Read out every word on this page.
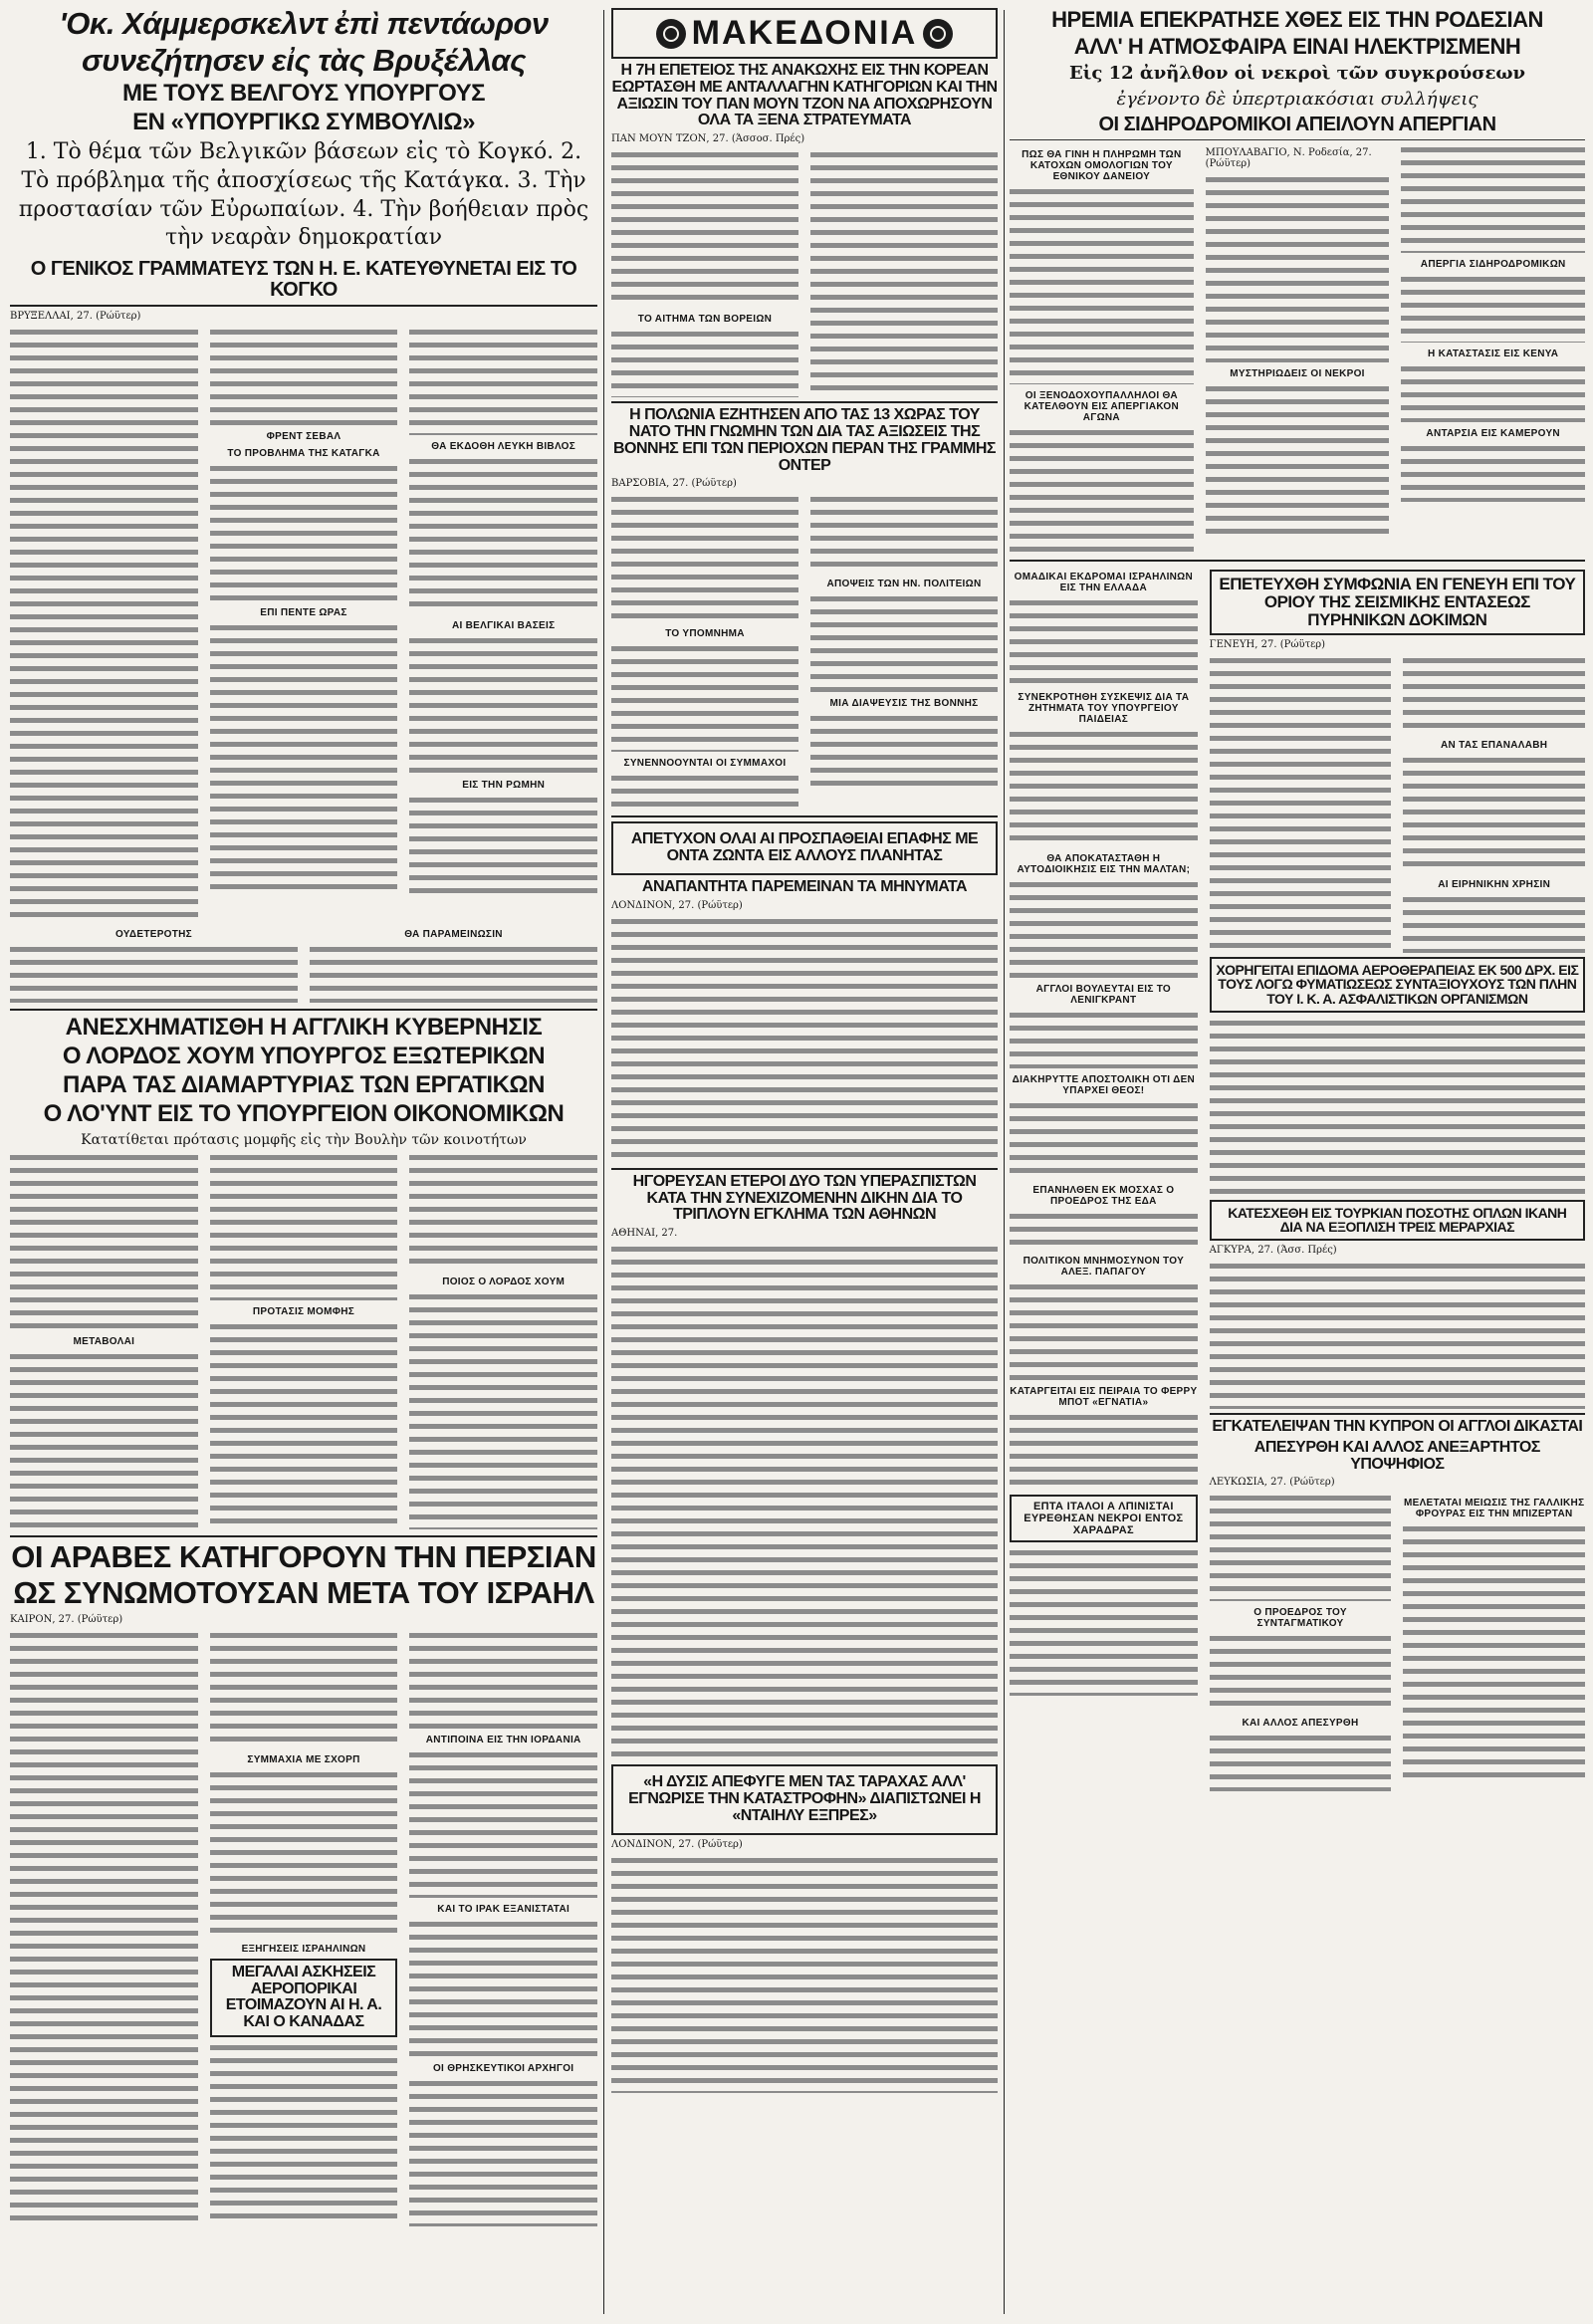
'Οκ. Χάμμερσκελντ ἐπὶ πεντάωρον
συνεζήτησεν εἰς τὰς Βρυξέλλας
ΜΕ ΤΟΥΣ ΒΕΛΓΟΥΣ ΥΠΟΥΡΓΟΥΣ
ΕΝ «ΥΠΟΥΡΓΙΚΩ ΣΥΜΒΟΥΛΙΩ»
1. Τὸ θέμα τῶν Βελγικῶν βάσεων εἰς τὸ Κογκό. 2. Τὸ πρόβλημα τῆς ἀποσχίσεως τῆς Κατάγκα. 3. Τὴν προστασίαν τῶν Εὐρωπαίων. 4. Τὴν βοήθειαν πρὸς τὴν νεαρὰν δημοκρατίαν
Ο ΓΕΝΙΚΟΣ ΓΡΑΜΜΑΤΕΥΣ ΤΩΝ Η. Ε. ΚΑΤΕΥΘΥΝΕΤΑΙ ΕΙΣ ΤΟ ΚΟΓΚΟ
ΒΡΥΞΕΛΛΑΙ, 27. (Ρώϋτερ)
ΦΡΕΝΤ ΣΕΒΑΛ
ΤΟ ΠΡΟΒΛΗΜΑ ΤΗΣ ΚΑΤΑΓΚΑ
ΕΠΙ ΠΕΝΤΕ ΩΡΑΣ
ΘΑ ΕΚΔΟΘΗ ΛΕΥΚΗ ΒΙΒΛΟΣ
ΑΙ ΒΕΛΓΙΚΑΙ ΒΑΣΕΙΣ
ΕΙΣ ΤΗΝ ΡΩΜΗΝ
ΟΥΔΕΤΕΡΟΤΗΣ	ΘΑ ΠΑΡΑΜΕΙΝΩΣΙΝ
ΑΝΕΣΧΗΜΑΤΙΣΘΗ Η ΑΓΓΛΙΚΗ ΚΥΒΕΡΝΗΣΙΣ
Ο ΛΟΡΔΟΣ ΧΟΥΜ ΥΠΟΥΡΓΟΣ ΕΞΩΤΕΡΙΚΩΝ
ΠΑΡΑ ΤΑΣ ΔΙΑΜΑΡΤΥΡΙΑΣ ΤΩΝ ΕΡΓΑΤΙΚΩΝ
Ο ΛΟ'ΥΝΤ ΕΙΣ ΤΟ ΥΠΟΥΡΓΕΙΟΝ ΟΙΚΟΝΟΜΙΚΩΝ
Κατατίθεται πρότασις μομφῆς εἰς τὴν Βουλὴν τῶν κοινοτήτων
ΜΕΤΑΒΟΛΑΙ
ΠΡΟΤΑΣΙΣ ΜΟΜΦΗΣ
ΠΟΙΟΣ Ο ΛΟΡΔΟΣ ΧΟΥΜ
ΟΙ ΑΡΑΒΕΣ ΚΑΤΗΓΟΡΟΥΝ ΤΗΝ ΠΕΡΣΙΑΝ
ΩΣ ΣΥΝΩΜΟΤΟΥΣΑΝ ΜΕΤΑ ΤΟΥ ΙΣΡΑΗΛ
ΚΑΙΡΟΝ, 27. (Ρώϋτερ)
ΣΥΜΜΑΧΙΑ ΜΕ ΣΧΟΡΠ
ΕΞΗΓΗΣΕΙΣ ΙΣΡΑΗΛΙΝΩΝ
ΜΕΓΑΛΑΙ ΑΣΚΗΣΕΙΣ ΑΕΡΟΠΟΡΙΚΑΙ ΕΤΟΙΜΑΖΟΥΝ ΑΙ Η. Α. ΚΑΙ Ο ΚΑΝΑΔΑΣ
ΑΝΤΙΠΟΙΝΑ ΕΙΣ ΤΗΝ ΙΟΡΔΑΝΙΑ
ΚΑΙ ΤΟ ΙΡΑΚ ΕΞΑΝΙΣΤΑΤΑΙ
ΟΙ ΘΡΗΣΚΕΥΤΙΚΟΙ ΑΡΧΗΓΟΙ
ΜΑΚΕΔΟΝΙΑ
Η 7Η ΕΠΕΤΕΙΟΣ ΤΗΣ ΑΝΑΚΩΧΗΣ ΕΙΣ ΤΗΝ ΚΟΡΕΑΝ ΕΩΡΤΑΣΘΗ ΜΕ ΑΝΤΑΛΛΑΓΗΝ ΚΑΤΗΓΟΡΙΩΝ ΚΑΙ ΤΗΝ ΑΞΙΩΣΙΝ ΤΟΥ ΠΑΝ ΜΟΥΝ ΤΖΟΝ ΝΑ ΑΠΟΧΩΡΗΣΟΥΝ ΟΛΑ ΤΑ ΞΕΝΑ ΣΤΡΑΤΕΥΜΑΤΑ
ΠΑΝ ΜΟΥΝ ΤΖΟΝ, 27. (Άσσοσ. Πρές)
ΤΟ ΑΙΤΗΜΑ ΤΩΝ ΒΟΡΕΙΩΝ
Η ΠΟΛΩΝΙΑ ΕΖΗΤΗΣΕΝ ΑΠΟ ΤΑΣ 13 ΧΩΡΑΣ ΤΟΥ ΝΑΤΟ ΤΗΝ ΓΝΩΜΗΝ ΤΩΝ ΔΙΑ ΤΑΣ ΑΞΙΩΣΕΙΣ ΤΗΣ ΒΟΝΝΗΣ ΕΠΙ ΤΩΝ ΠΕΡΙΟΧΩΝ ΠΕΡΑΝ ΤΗΣ ΓΡΑΜΜΗΣ ΟΝΤΕΡ
ΒΑΡΣΟΒΙΑ, 27. (Ρώϋτερ)
ΤΟ ΥΠΟΜΝΗΜΑ
ΣΥΝΕΝΝΟΟΥΝΤΑΙ ΟΙ ΣΥΜΜΑΧΟΙ
ΑΠΟΨΕΙΣ ΤΩΝ ΗΝ. ΠΟΛΙΤΕΙΩΝ
ΜΙΑ ΔΙΑΨΕΥΣΙΣ ΤΗΣ ΒΟΝΝΗΣ
ΑΠΕΤΥΧΟΝ ΟΛΑΙ ΑΙ ΠΡΟΣΠΑΘΕΙΑΙ ΕΠΑΦΗΣ ΜΕ ΟΝΤΑ ΖΩΝΤΑ ΕΙΣ ΑΛΛΟΥΣ ΠΛΑΝΗΤΑΣ
ΑΝΑΠΑΝΤΗΤΑ ΠΑΡΕΜΕΙΝΑΝ ΤΑ ΜΗΝΥΜΑΤΑ
ΛΟΝΔΙΝΟΝ, 27. (Ρώϋτερ)
ΗΓΟΡΕΥΣΑΝ ΕΤΕΡΟΙ ΔΥΟ ΤΩΝ ΥΠΕΡΑΣΠΙΣΤΩΝ ΚΑΤΑ ΤΗΝ ΣΥΝΕΧΙΖΟΜΕΝΗΝ ΔΙΚΗΝ ΔΙΑ ΤΟ ΤΡΙΠΛΟΥΝ ΕΓΚΛΗΜΑ ΤΩΝ ΑΘΗΝΩΝ
ΑΘΗΝΑΙ, 27.
«Η ΔΥΣΙΣ ΑΠΕΦΥΓΕ ΜΕΝ ΤΑΣ ΤΑΡΑΧΑΣ ΑΛΛ' ΕΓΝΩΡΙΣΕ ΤΗΝ ΚΑΤΑΣΤΡΟΦΗΝ» ΔΙΑΠΙΣΤΩΝΕΙ Η «ΝΤΑΙΗΛΥ ΕΞΠΡΕΣ»
ΛΟΝΔΙΝΟΝ, 27. (Ρώϋτερ)
ΗΡΕΜΙΑ ΕΠΕΚΡΑΤΗΣΕ ΧΘΕΣ ΕΙΣ ΤΗΝ ΡΟΔΕΣΙΑΝ
ΑΛΛ' Η ΑΤΜΟΣΦΑΙΡΑ ΕΙΝΑΙ ΗΛΕΚΤΡΙΣΜΕΝΗ
Εἰς 12 ἀνῆλθον οἱ νεκροὶ τῶν συγκρούσεων
ἐγένοντο δὲ ὑπερτριακόσιαι συλλήψεις
ΟΙ ΣΙΔΗΡΟΔΡΟΜΙΚΟΙ ΑΠΕΙΛΟΥΝ ΑΠΕΡΓΙΑΝ
ΠΩΣ ΘΑ ΓΙΝΗ Η ΠΛΗΡΩΜΗ ΤΩΝ ΚΑΤΟΧΩΝ ΟΜΟΛΟΓΙΩΝ ΤΟΥ ΕΘΝΙΚΟΥ ΔΑΝΕΙΟΥ
ΟΙ ΞΕΝΟΔΟΧΟΥΠΑΛΛΗΛΟΙ ΘΑ ΚΑΤΕΛΘΟΥΝ ΕΙΣ ΑΠΕΡΓΙΑΚΟΝ ΑΓΩΝΑ
ΜΠΟΥΛΑΒΑΓΙΟ, Ν. Ροδεσία, 27. (Ρώϋτερ)
ΜΥΣΤΗΡΙΩΔΕΙΣ ΟΙ ΝΕΚΡΟΙ
ΑΠΕΡΓΙΑ ΣΙΔΗΡΟΔΡΟΜΙΚΩΝ
Η ΚΑΤΑΣΤΑΣΙΣ ΕΙΣ ΚΕΝΥΑ
ΑΝΤΑΡΣΙΑ ΕΙΣ ΚΑΜΕΡΟΥΝ
ΟΜΑΔΙΚΑΙ ΕΚΔΡΟΜΑΙ ΙΣΡΑΗΛΙΝΩΝ ΕΙΣ ΤΗΝ ΕΛΛΑΔΑ
ΣΥΝΕΚΡΟΤΗΘΗ ΣΥΣΚΕΨΙΣ ΔΙΑ ΤΑ ΖΗΤΗΜΑΤΑ ΤΟΥ ΥΠΟΥΡΓΕΙΟΥ ΠΑΙΔΕΙΑΣ
ΘΑ ΑΠΟΚΑΤΑΣΤΑΘΗ Η ΑΥΤΟΔΙΟΙΚΗΣΙΣ ΕΙΣ ΤΗΝ ΜΑΛΤΑΝ;
ΑΓΓΛΟΙ ΒΟΥΛΕΥΤΑΙ ΕΙΣ ΤΟ ΛΕΝΙΓΚΡΑΝΤ
ΔΙΑΚΗΡΥΤΤΕ ΑΠΟΣΤΟΛΙΚΗ ΟΤΙ ΔΕΝ ΥΠΑΡΧΕΙ ΘΕΟΣ!
ΕΠΑΝΗΛΘΕΝ ΕΚ ΜΟΣΧΑΣ Ο ΠΡΟΕΔΡΟΣ ΤΗΣ ΕΔΑ
ΠΟΛΙΤΙΚΟΝ ΜΝΗΜΟΣΥΝΟΝ ΤΟΥ ΑΛΕΞ. ΠΑΠΑΓΟΥ
ΚΑΤΑΡΓΕΙΤΑΙ ΕΙΣ ΠΕΙΡΑΙΑ ΤΟ ΦΕΡΡΥ ΜΠΟΤ «ΕΓΝΑΤΙΑ»
ΕΠΤΑ ΙΤΑΛΟΙ Α ΛΠΙΝΙΣΤΑΙ ΕΥΡΕΘΗΣΑΝ ΝΕΚΡΟΙ ΕΝΤΟΣ ΧΑΡΑΔΡΑΣ
ΕΠΕΤΕΥΧΘΗ ΣΥΜΦΩΝΙΑ ΕΝ ΓΕΝΕΥΗ ΕΠΙ ΤΟΥ ΟΡΙΟΥ ΤΗΣ ΣΕΙΣΜΙΚΗΣ ΕΝΤΑΣΕΩΣ ΠΥΡΗΝΙΚΩΝ ΔΟΚΙΜΩΝ
ΓΕΝΕΥΗ, 27. (Ρώϋτερ)
ΑΝ ΤΑΣ ΕΠΑΝΑΛΑΒΗ
ΑΙ ΕΙΡΗΝΙΚΗΝ ΧΡΗΣΙΝ
ΧΟΡΗΓΕΙΤΑΙ ΕΠΙΔΟΜΑ ΑΕΡΟΘΕΡΑΠΕΙΑΣ ΕΚ 500 ΔΡΧ. ΕΙΣ ΤΟΥΣ ΛΟΓΩ ΦΥΜΑΤΙΩΣΕΩΣ ΣΥΝΤΑΞΙΟΥΧΟΥΣ ΤΩΝ ΠΛΗΝ ΤΟΥ Ι. Κ. Α. ΑΣΦΑΛΙΣΤΙΚΩΝ ΟΡΓΑΝΙΣΜΩΝ
ΚΑΤΕΣΧΕΘΗ ΕΙΣ ΤΟΥΡΚΙΑΝ ΠΟΣΟΤΗΣ ΟΠΛΩΝ ΙΚΑΝΗ ΔΙΑ ΝΑ ΕΞΟΠΛΙΣΗ ΤΡΕΙΣ ΜΕΡΑΡΧΙΑΣ
ΑΓΚΥΡΑ, 27. (Άσσ. Πρές)
ΕΓΚΑΤΕΛΕΙΨΑΝ ΤΗΝ ΚΥΠΡΟΝ ΟΙ ΑΓΓΛΟΙ ΔΙΚΑΣΤΑΙ
ΑΠΕΣΥΡΘΗ ΚΑΙ ΑΛΛΟΣ ΑΝΕΞΑΡΤΗΤΟΣ ΥΠΟΨΗΦΙΟΣ
ΛΕΥΚΩΣΙΑ, 27. (Ρώϋτερ)
Ο ΠΡΟΕΔΡΟΣ ΤΟΥ ΣΥΝΤΑΓΜΑΤΙΚΟΥ
ΚΑΙ ΑΛΛΟΣ ΑΠΕΣΥΡΘΗ
ΜΕΛΕΤΑΤΑΙ ΜΕΙΩΣΙΣ ΤΗΣ ΓΑΛΛΙΚΗΣ ΦΡΟΥΡΑΣ ΕΙΣ ΤΗΝ ΜΠΙΖΕΡΤΑΝ
